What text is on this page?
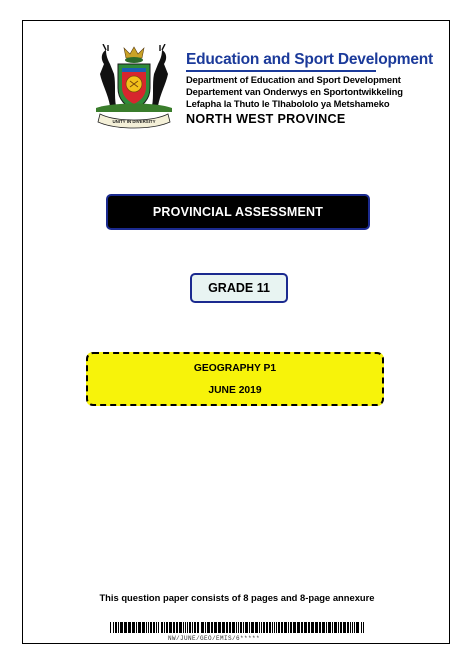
UNITY IN DIVERSITY
Education and Sport Development
Department of Education and Sport Development
Departement van Onderwys en Sportontwikkeling
Lefapha la Thuto le Tlhabololo ya Metshameko
NORTH WEST PROVINCE
PROVINCIAL ASSESSMENT
GRADE 11
GEOGRAPHY P1
JUNE 2019
This question paper consists of 8 pages and 8-page annexure
NW/JUNE/GEO/EMIS/6*****
